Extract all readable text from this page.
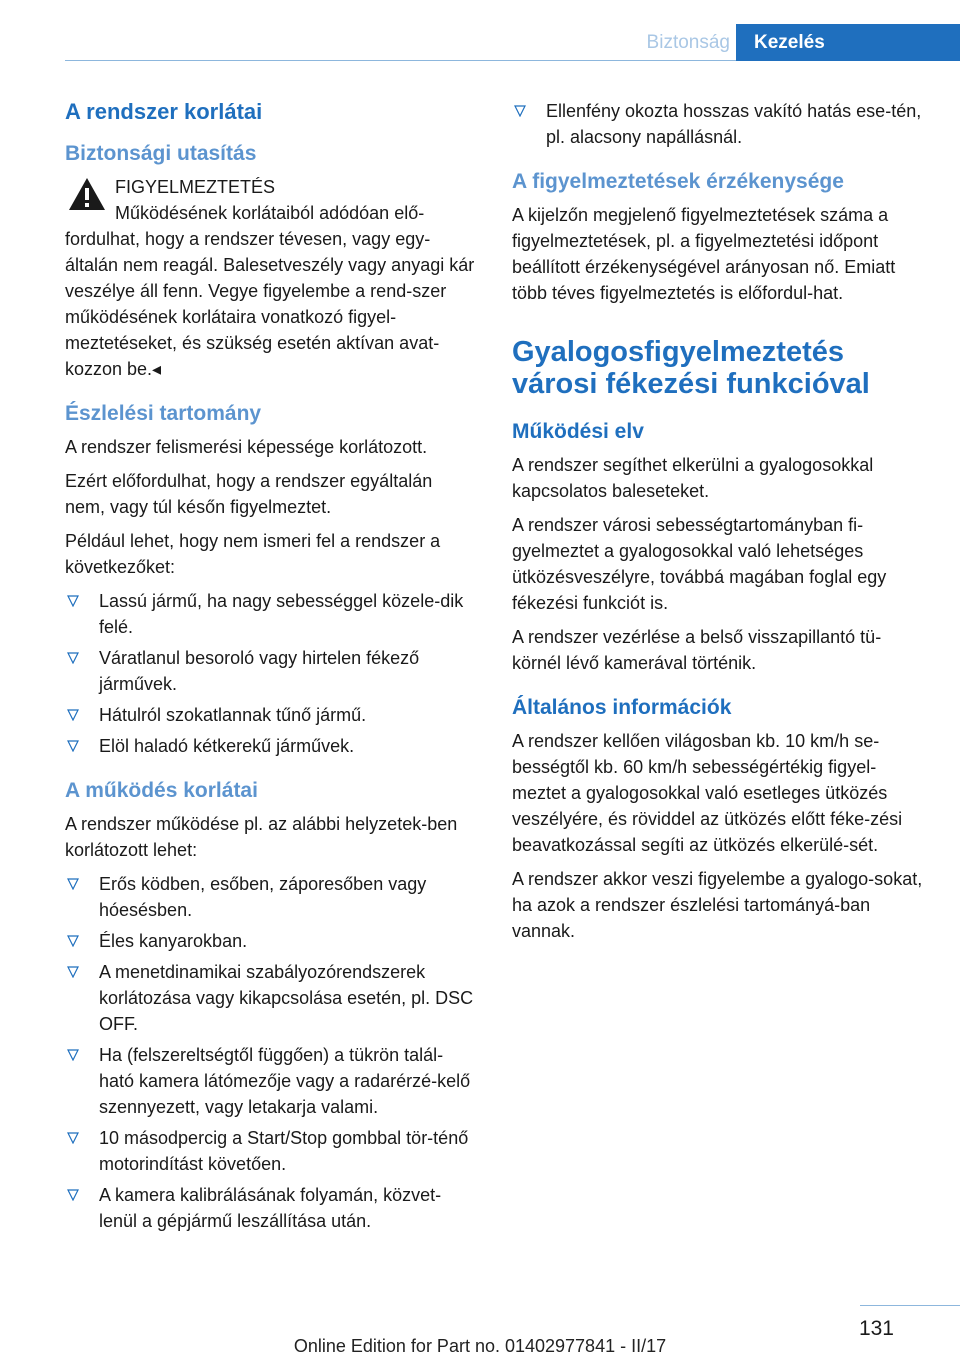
Biztonság	Kezelés
A rendszer korlátai
Biztonsági utasítás

FIGYELMEZTETÉS

Működésének korlátaiból adódóan elő-

fordulhat, hogy a rendszer tévesen, vagy egy-általán nem reagál. Balesetveszély vagy anyagi kár veszélye áll fenn. Vegye figyelembe a rend-szer működésének korlátaira vonatkozó figyel-meztetéseket, és szükség esetén aktívan avat-kozzon be.◂

Észlelési tartomány

A rendszer felismerési képessége korlátozott.

Ezért előfordulhat, hogy a rendszer egyáltalán nem, vagy túl későn figyelmeztet.

Például lehet, hogy nem ismeri fel a rendszer a következőket:

Lassú jármű, ha nagy sebességgel közele-dik felé.
Váratlanul besoroló vagy hirtelen fékező járművek.
Hátulról szokatlannak tűnő jármű.
Elöl haladó kétkerekű járművek.
A működés korlátai

A rendszer működése pl. az alábbi helyzetek-ben korlátozott lehet:

Erős ködben, esőben, záporesőben vagy hóesésben.
Éles kanyarokban.
A menetdinamikai szabályozórendszerek korlátozása vagy kikapcsolása esetén, pl. DSC OFF.
Ha (felszereltségtől függően) a tükrön talál-ható kamera látómezője vagy a radarérzé-kelő szennyezett, vagy letakarja valami.
10 másodpercig a Start/Stop gombbal tör-ténő motorindítást követően.
A kamera kalibrálásának folyamán, közvet-lenül a gépjármű leszállítása után.
Ellenfény okozta hosszas vakító hatás ese-tén, pl. alacsony napállásnál.
A figyelmeztetések érzékenysége

A kijelzőn megjelenő figyelmeztetések száma a figyelmeztetések, pl. a figyelmeztetési időpont beállított érzékenységével arányosan nő. Emiatt több téves figyelmeztetés is előfordul-hat.

Gyalogosfigyelmeztetés városi fékezési funkcióval
Működési elv

A rendszer segíthet elkerülni a gyalogosokkal kapcsolatos baleseteket.

A rendszer városi sebességtartományban fi-gyelmeztet a gyalogosokkal való lehetséges ütközésveszélyre, továbbá magában foglal egy fékezési funkciót is.

A rendszer vezérlése a belső visszapillantó tü-körnél lévő kamerával történik.

Általános információk

A rendszer kellően világosban kb. 10 km/h se-bességtől kb. 60 km/h sebességértékig figyel-meztet a gyalogosokkal való esetleges ütközés veszélyére, és röviddel az ütközés előtt féke-zési beavatkozással segíti az ütközés elkerülé-sét.

A rendszer akkor veszi figyelembe a gyalogo-sokat, ha azok a rendszer észlelési tartományá-ban vannak.

131
Online Edition for Part no. 01402977841 - II/17
